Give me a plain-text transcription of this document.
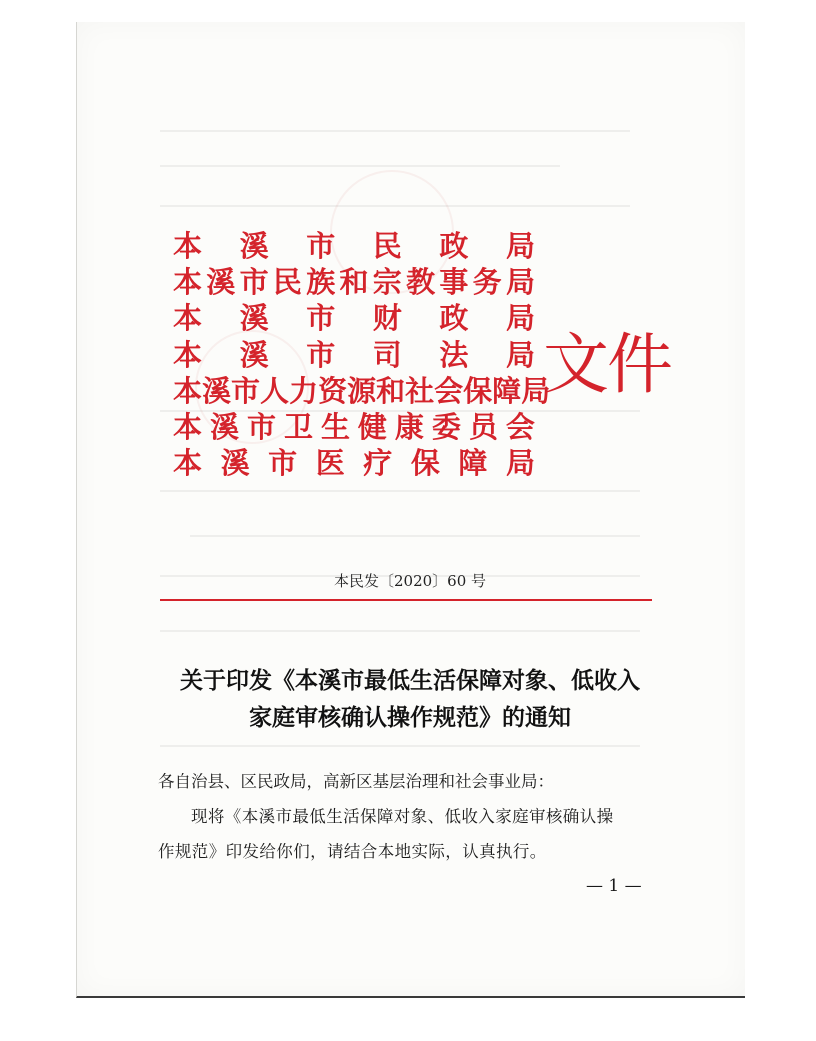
本 溪 市 民 政 局
本 溪 市 民 族 和 宗 教 事 务 局
本 溪 市 财 政 局
本 溪 市 司 法 局
本 溪 市 人 力 资 源 和 社 会 保 障 局
本 溪 市 卫 生 健 康 委 员 会
本 溪 市 医 疗 保 障 局
文件
本民发〔2020〕60 号
关于印发《本溪市最低生活保障对象、低收入
家庭审核确认操作规范》的通知
各自治县、区民政局，高新区基层治理和社会事业局：
现将《本溪市最低生活保障对象、低收入家庭审核确认操
作规范》印发给你们，请结合本地实际，认真执行。
— 1 —
